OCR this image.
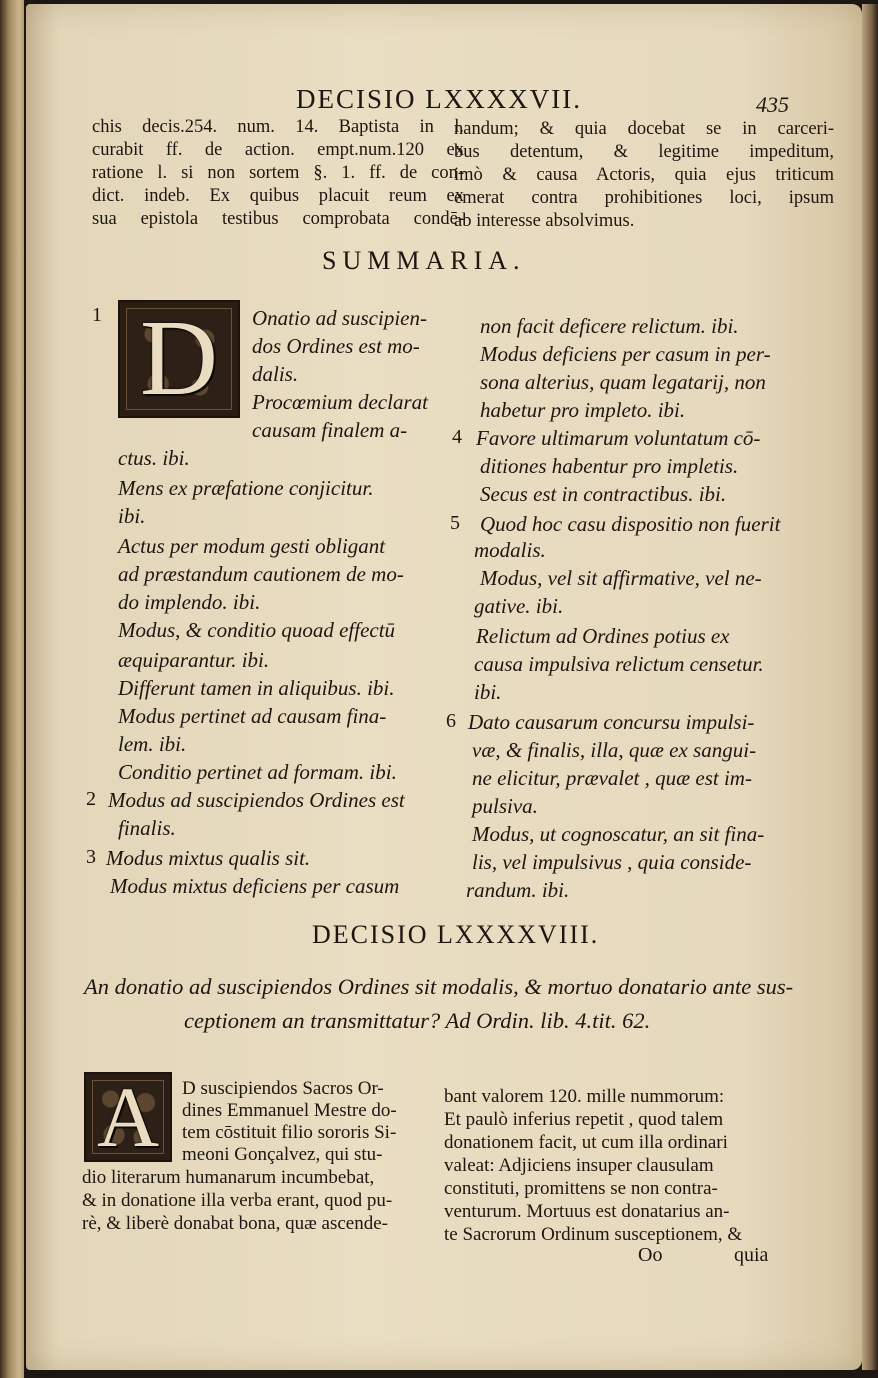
DECISIO LXXXXVII.	435
chis decis.254. num. 14. Baptista in l.
curabit ff. de action. empt.num.120 ex
ratione l. si non sortem §. 1. ff. de con-
dict. indeb. Ex quibus placuit reum ex
sua epistola testibus comprobata condē-
nandum; & quia docebat se in carceri-
bus detentum, & legitime impeditum,
imò & causa Actoris, quia ejus triticum
emerat contra prohibitiones loci, ipsum
ab interesse absolvimus.
SUMMARIA.
D
1	Onatio ad suscipien-
dos Ordines est mo-
dalis.
Procœmium declarat
causam finalem a-
ctus. ibi.
Mens ex præfatione conjicitur.
ibi.
Actus per modum gesti obligant
ad præstandum cautionem de mo-
do implendo. ibi.
Modus, & conditio quoad effectū
æquiparantur. ibi.
Differunt tamen in aliquibus. ibi.
Modus pertinet ad causam fina-
lem. ibi.
Conditio pertinet ad formam. ibi.
2 Modus ad suscipiendos Ordines est
finalis.
3 Modus mixtus qualis sit.
Modus mixtus deficiens per casum
non facit deficere relictum. ibi.
Modus deficiens per casum in per-
sona alterius, quam legatarij, non
habetur pro impleto. ibi.
4 Favore ultimarum voluntatum cō-
ditiones habentur pro impletis.
Secus est in contractibus. ibi.
5 Quod hoc casu dispositio non fuerit
modalis.
Modus, vel sit affirmative, vel ne-
gative. ibi.
Relictum ad Ordines potius ex
causa impulsiva relictum censetur.
ibi.
6 Dato causarum concursu impulsi-
væ, & finalis, illa, quæ ex sangui-
ne elicitur, prævalet , quæ est im-
pulsiva.
Modus, ut cognoscatur, an sit fina-
lis, vel impulsivus , quia conside-
randum. ibi.
DECISIO LXXXXVIII.
An donatio ad suscipiendos Ordines sit modalis, & mortuo donatario ante sus-
ceptionem an transmittatur? Ad Ordin. lib. 4.tit. 62.
A	D suscipiendos Sacros Or-
dines Emmanuel Mestre do-
tem cōstituit filio sororis Si-
meoni Gonçalvez, qui stu-
dio literarum humanarum incumbebat,
& in donatione illa verba erant, quod pu-
rè, & liberè donabat bona, quæ ascende-
bant valorem 120. mille nummorum:
Et paulò inferius repetit , quod talem
donationem facit, ut cum illa ordinari
valeat: Adjiciens insuper clausulam
constituti, promittens se non contra-
venturum. Mortuus est donatarius an-
te Sacrorum Ordinum susceptionem, &
Oo	quia
